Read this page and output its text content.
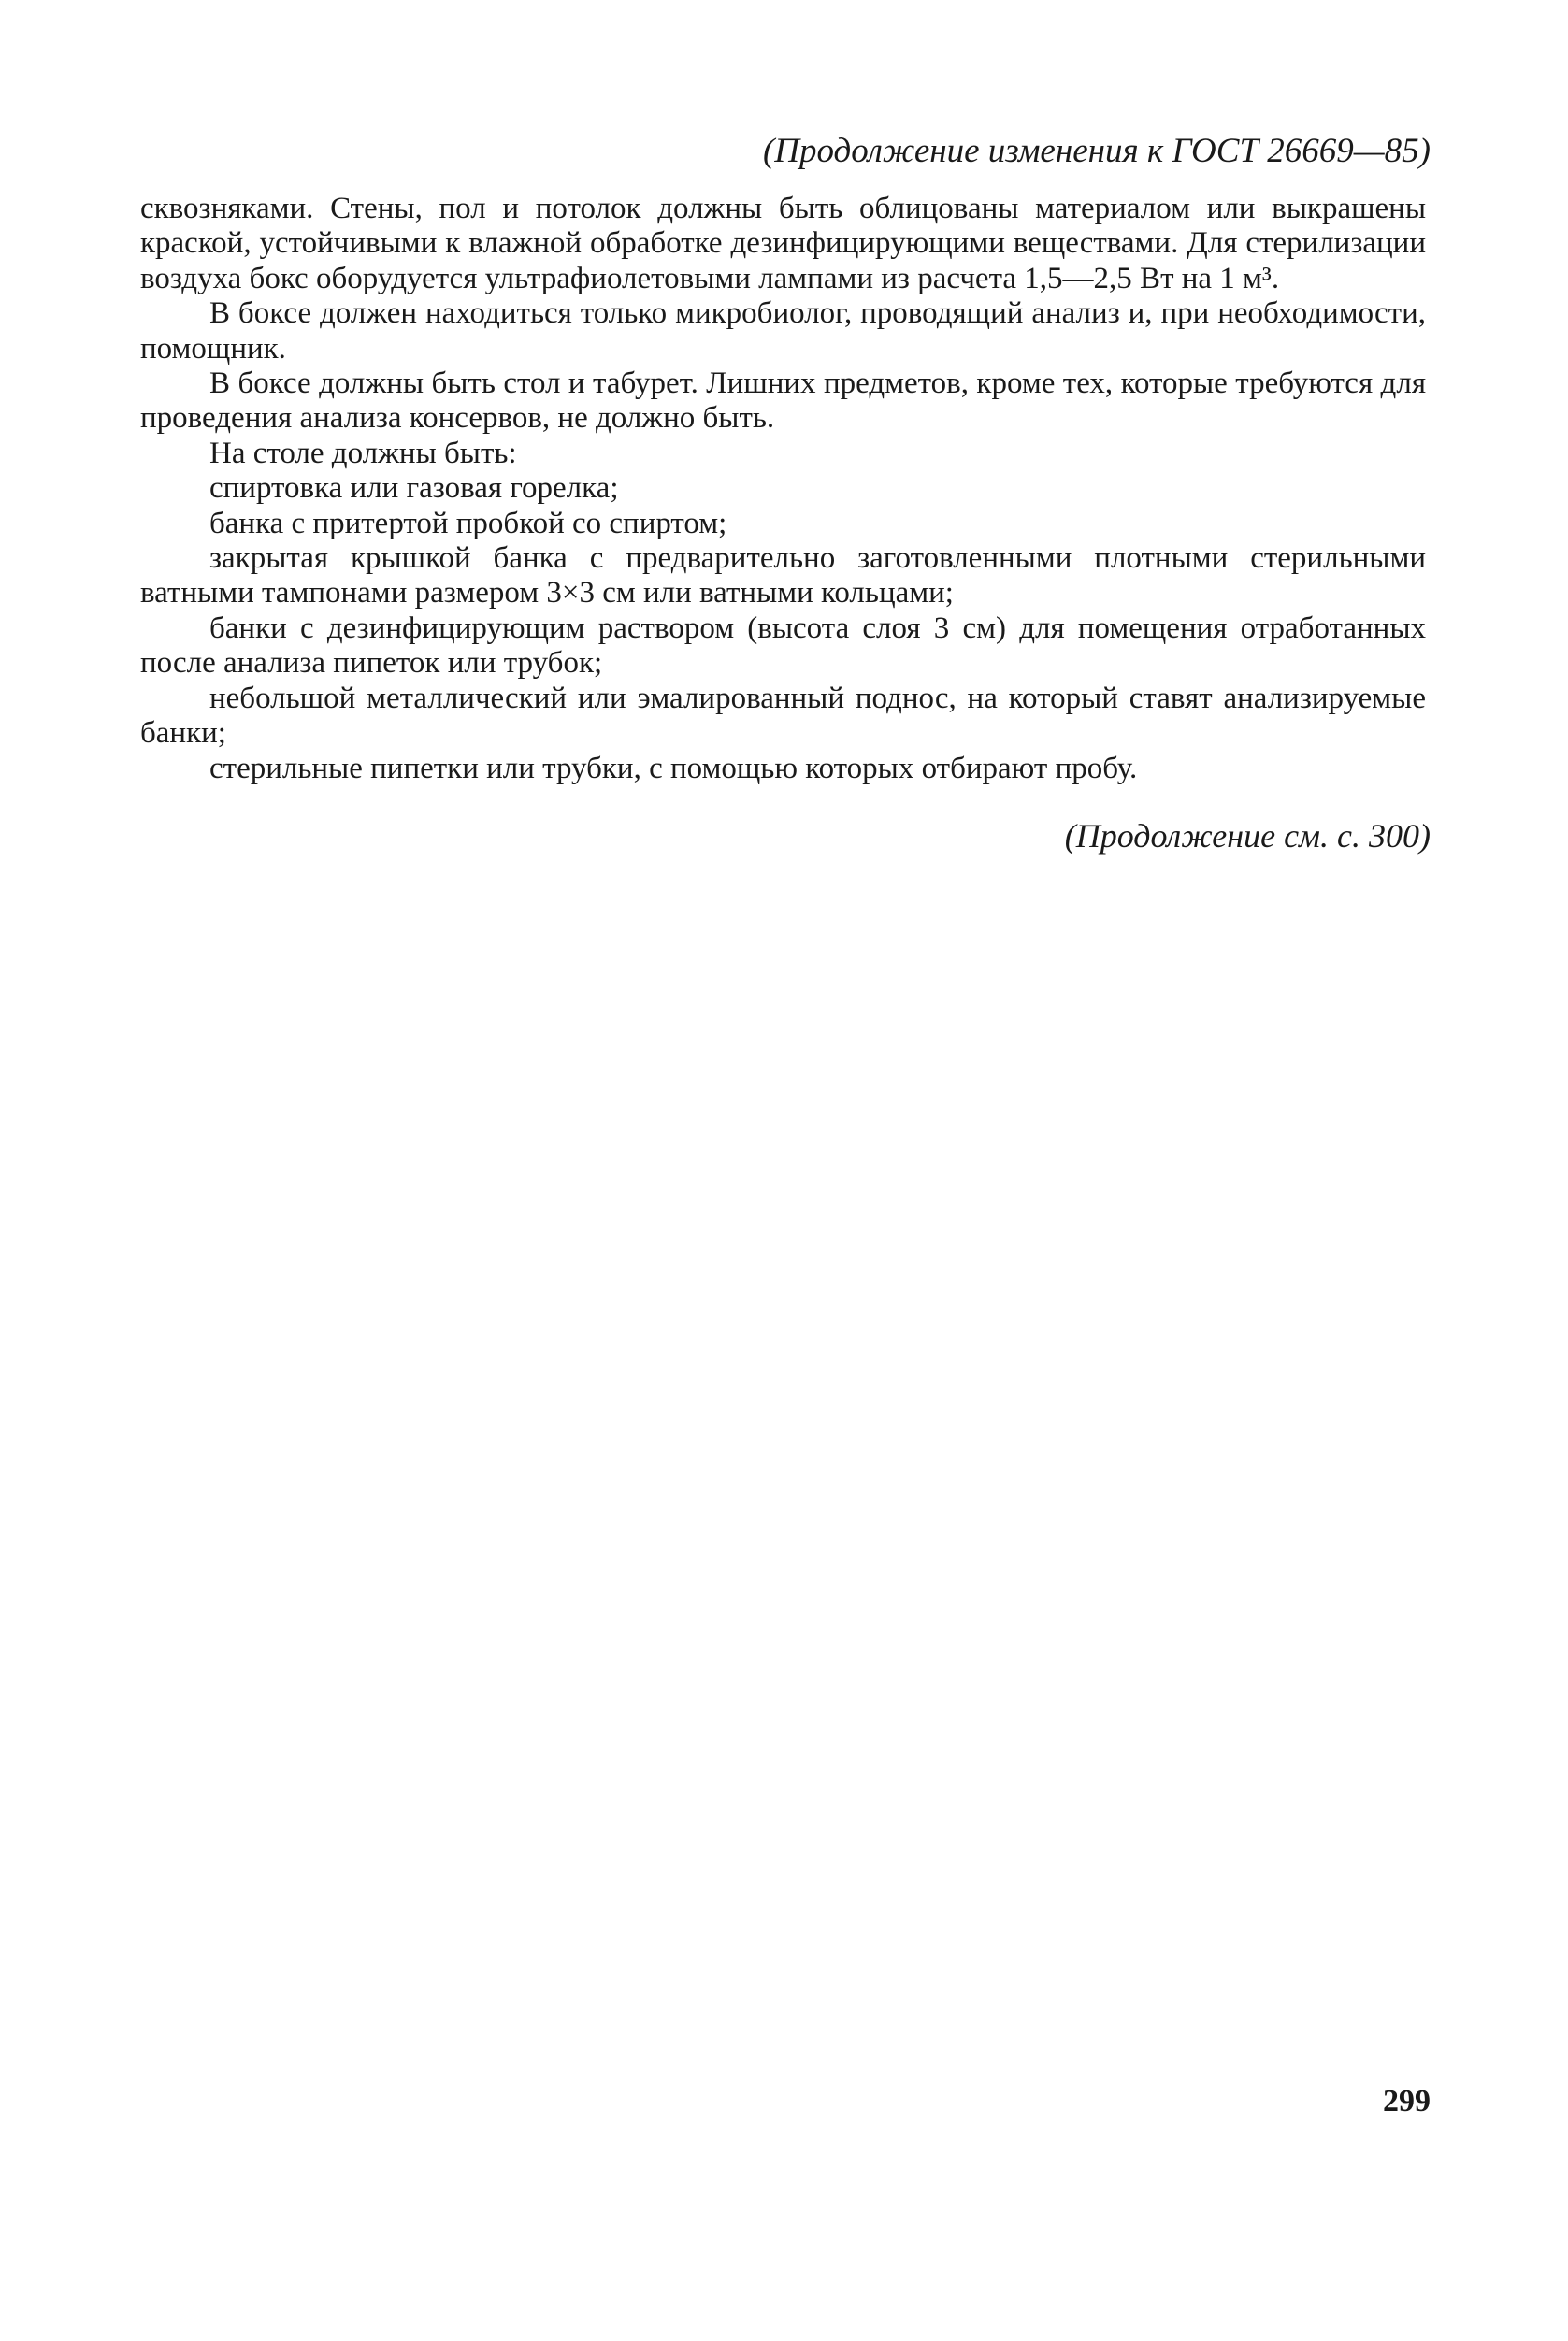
(Продолжение изменения к ГОСТ 26669—85)

сквозняками. Стены, пол и потолок должны быть облицованы материалом или выкрашены краской, устойчивыми к влажной обработке дезинфицирующими веществами. Для стерилизации воздуха бокс оборудуется ультрафиолетовыми лампами из расчета 1,5—2,5 Вт на 1 м³.

В боксе должен находиться только микробиолог, проводящий анализ и, при необходимости, помощник.

В боксе должны быть стол и табурет. Лишних предметов, кроме тех, которые требуются для проведения анализа консервов, не должно быть.

На столе должны быть:

спиртовка или газовая горелка;

банка с притертой пробкой со спиртом;

закрытая крышкой банка с предварительно заготовленными плотными стерильными ватными тампонами размером 3×3 см или ватными кольцами;

банки с дезинфицирующим раствором (высота слоя 3 см) для помещения отработанных после анализа пипеток или трубок;

небольшой металлический или эмалированный поднос, на который ставят анализируемые банки;

стерильные пипетки или трубки, с помощью которых отбирают пробу.

(Продолжение см. с. 300)
299
